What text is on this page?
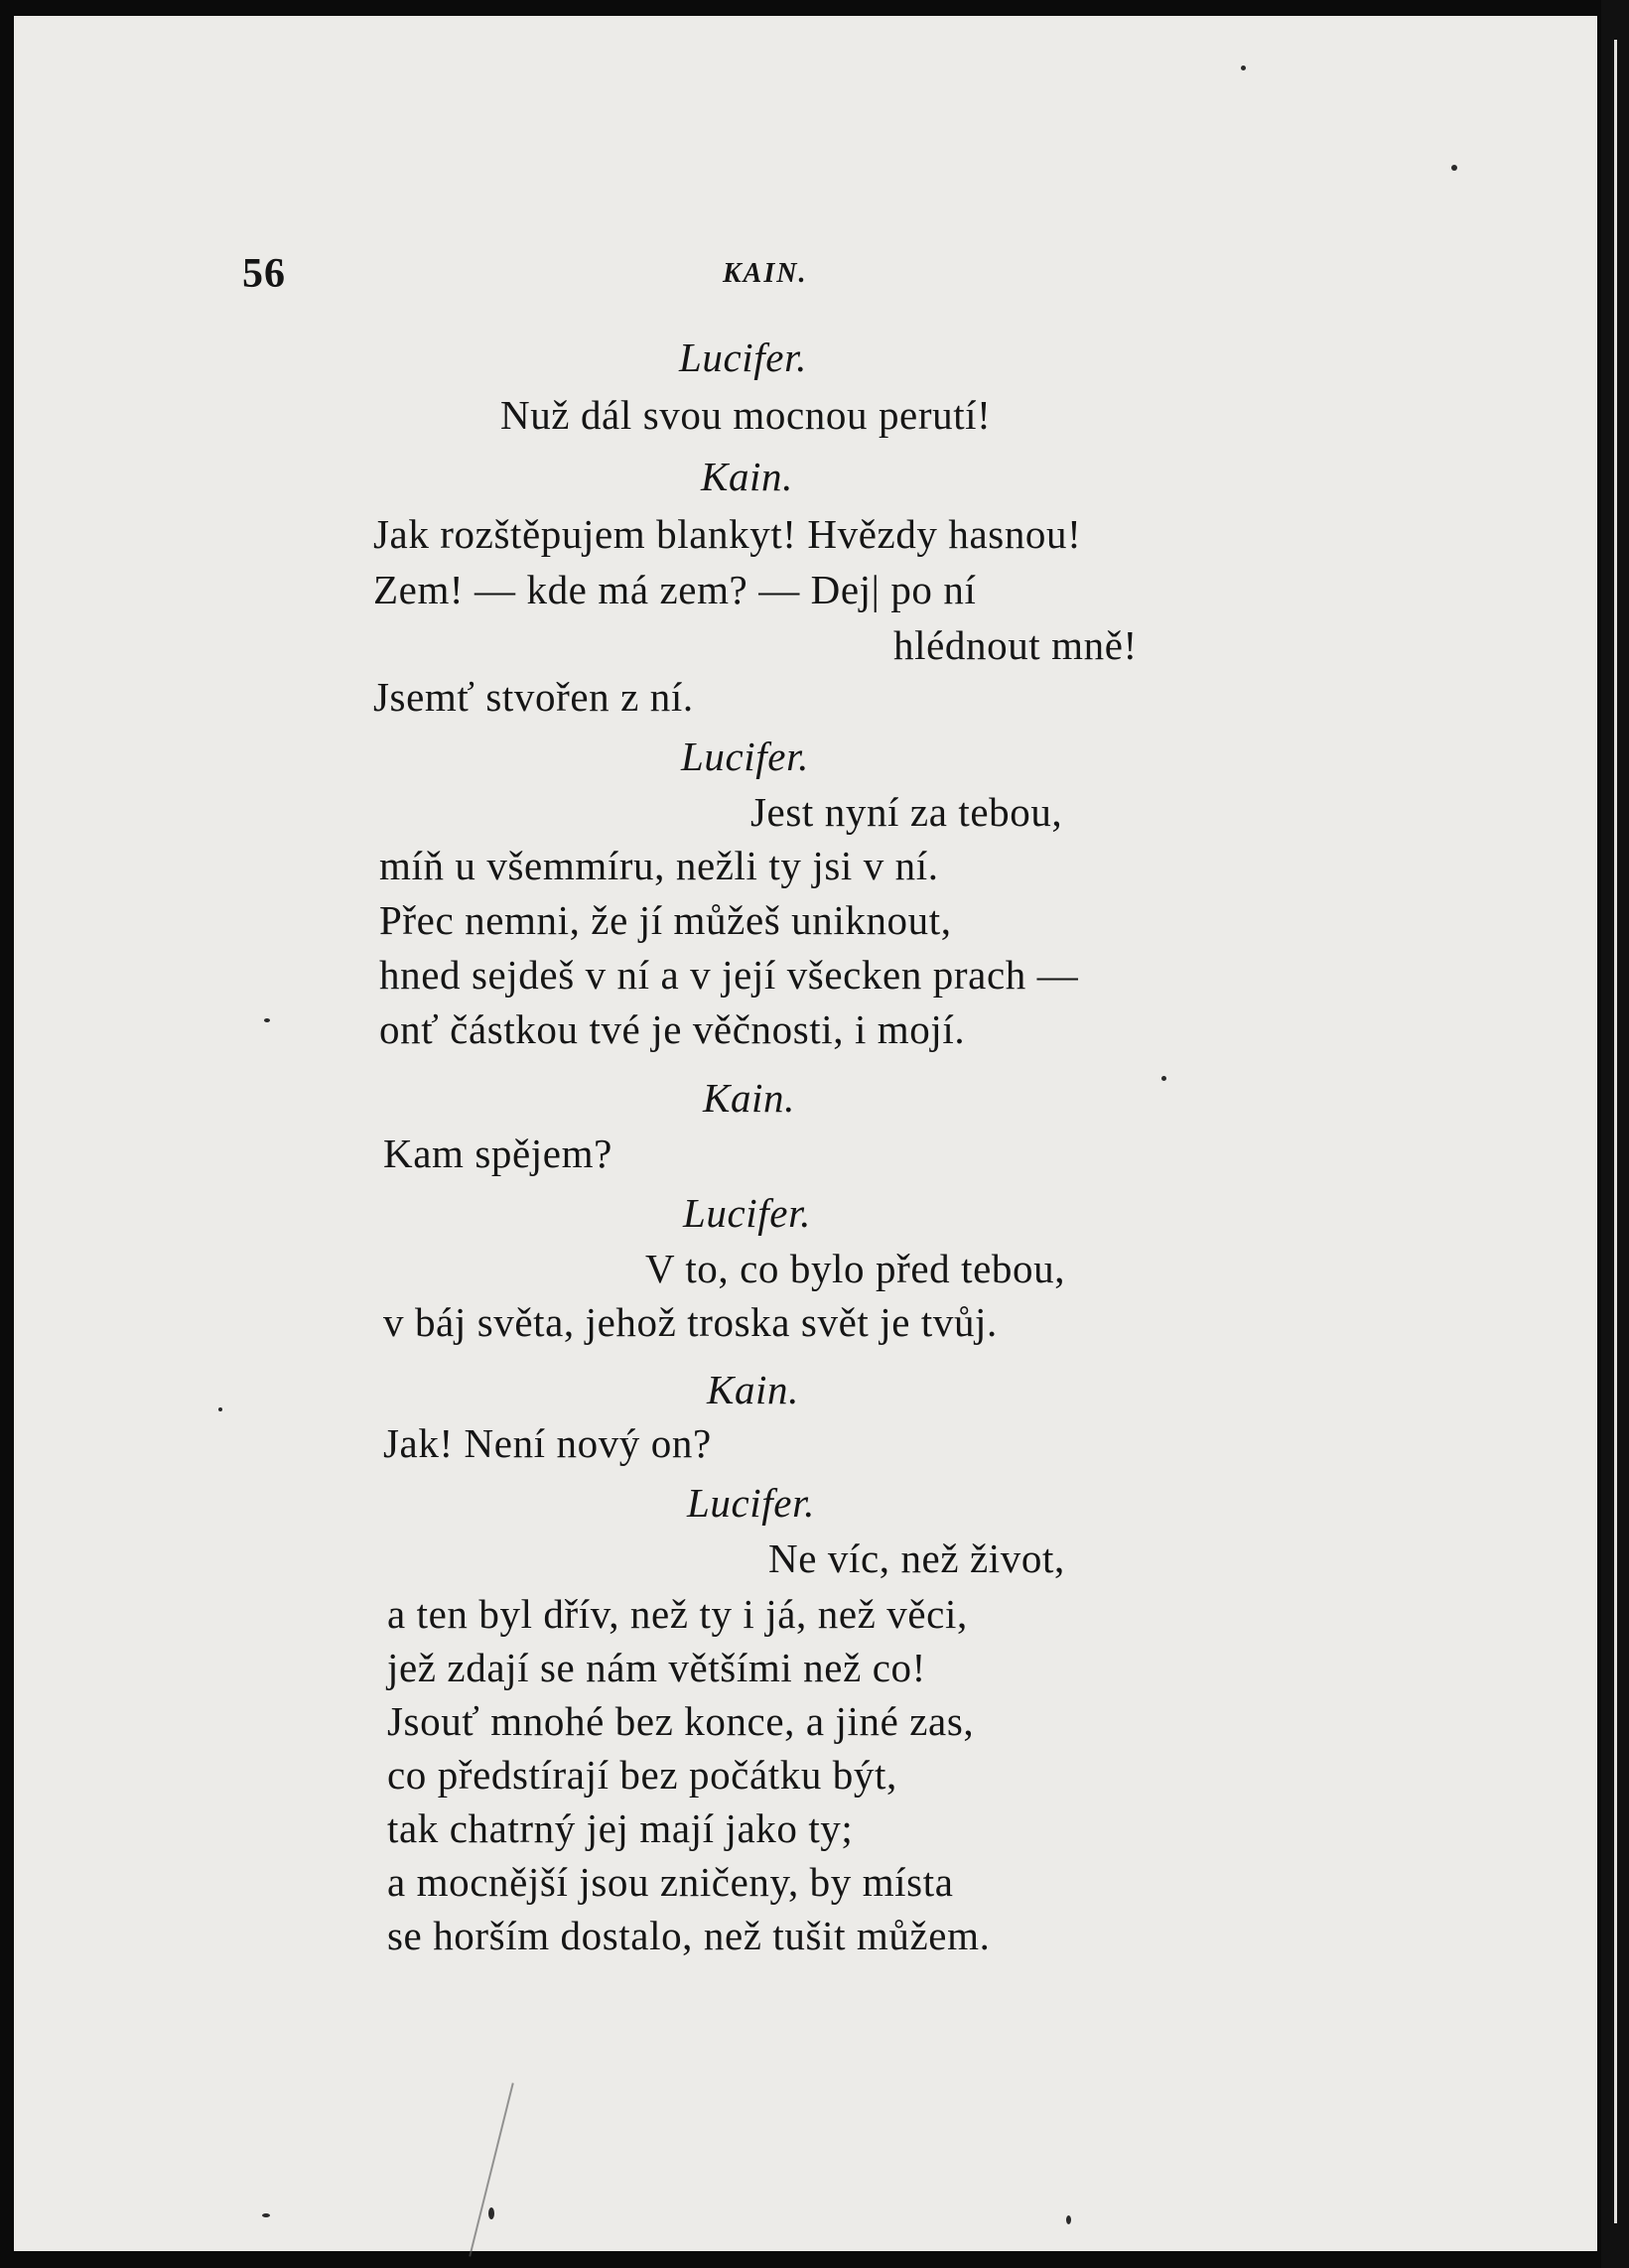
56	KAIN.
Lucifer.
Nuž dál svou mocnou perutí!
Kain.
Jak rozštěpujem blankyt! Hvězdy hasnou!
Zem! — kde má zem? — Dej| po ní
hlédnout mně!
Jsemť stvořen z ní.
Lucifer.
Jest nyní za tebou,
míň u všemmíru, nežli ty jsi v ní.
Přec nemni, že jí můžeš uniknout,
hned sejdeš v ní a v její všecken prach —
onť částkou tvé je věčnosti, i mojí.
Kain.
Kam spějem?
Lucifer.
V to, co bylo před tebou,
v báj světa, jehož troska svět je tvůj.
Kain.
Jak! Není nový on?
Lucifer.
Ne víc, než život,
a ten byl dřív, než ty i já, než věci,
jež zdají se nám většími než co!
Jsouť mnohé bez konce, a jiné zas,
co předstírají bez počátku být,
tak chatrný jej mají jako ty;
a mocnější jsou zničeny, by místa
se horším dostalo, než tušit můžem.
